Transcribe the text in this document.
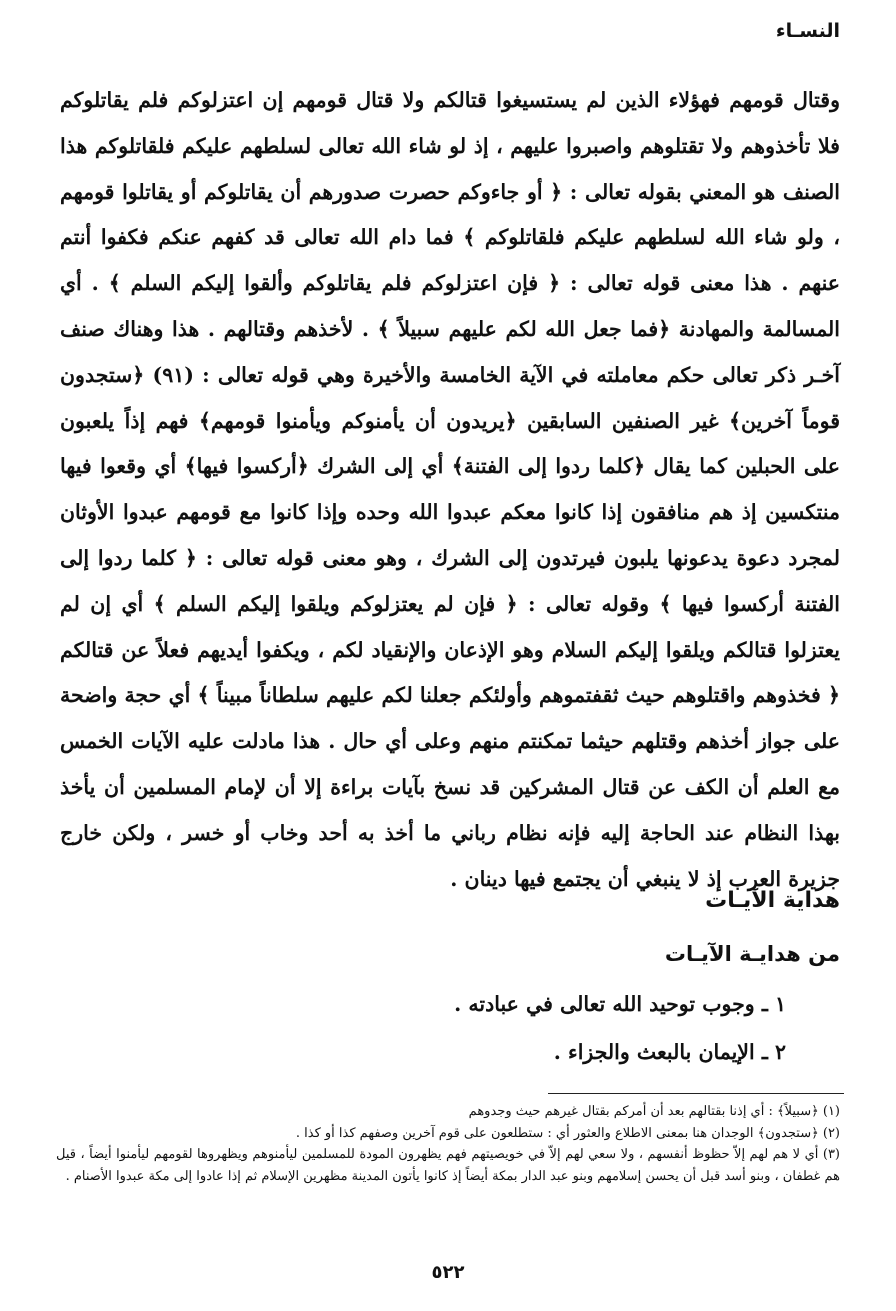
النسـاء

وقتال قومهم فهؤلاء الذين لم يستسيغوا قتالكم ولا قتال قومهم إن اعتزلوكم فلم يقاتلوكم فلا تأخذوهم ولا تقتلوهم واصبروا عليهم ، إذ لو شاء الله تعالى لسلطهم عليكم فلقاتلوكم هذا الصنف هو المعني بقوله تعالى : ﴿ أو جاءوكم حصرت صدورهم أن يقاتلوكم أو يقاتلوا قومهم ، ولو شاء الله لسلطهم عليكم فلقاتلوكم ﴾ فما دام الله تعالى قد كفهم عنكم فكفوا أنتم عنهم . هذا معنى قوله تعالى : ﴿ فإن اعتزلوكم فلم يقاتلوكم وألقوا إليكم السلم ﴾ . أي المسالمة والمهادنة ﴿فما جعل الله لكم عليهم سبيلاً ﴾ . لأخذهم وقتالهم . هذا وهناك صنف آخـر ذكر تعالى حكم معاملته في الآية الخامسة والأخيرة وهي قوله تعالى : (٩١) ﴿ستجدون قوماً آخرين﴾ غير الصنفين السابقين ﴿يريدون أن يأمنوكم ويأمنوا قومهم﴾ فهم إذاً يلعبون على الحبلين كما يقال ﴿كلما ردوا إلى الفتنة﴾ أي إلى الشرك ﴿أركسوا فيها﴾ أي وقعوا فيها منتكسين إذ هم منافقون إذا كانوا معكم عبدوا الله وحده وإذا كانوا مع قومهم عبدوا الأوثان لمجرد دعوة يدعونها يلبون فيرتدون إلى الشرك ، وهو معنى قوله تعالى : ﴿ كلما ردوا إلى الفتنة أركسوا فيها ﴾ وقوله تعالى : ﴿ فإن لم يعتزلوكم ويلقوا إليكم السلم ﴾ أي إن لم يعتزلوا قتالكم ويلقوا إليكم السلام وهو الإذعان والإنقياد لكم ، ويكفوا أيديهم فعلاً عن قتالكم ﴿ فخذوهم واقتلوهم حيث ثقفتموهم وأولئكم جعلنا لكم عليهم سلطاناً مبيناً ﴾ أي حجة واضحة على جواز أخذهم وقتلهم حيثما تمكنتم منهم وعلى أي حال . هذا مادلت عليه الآيات الخمس مع العلم أن الكف عن قتال المشركين قد نسخ بآيات براءة إلا أن لإمام المسلمين أن يأخذ بهذا النظام عند الحاجة إليه فإنه نظام رباني ما أخذ به أحد وخاب أو خسر ، ولكن خارج جزيرة العرب إذ لا ينبغي أن يجتمع فيها دينان .

هداية الآيـات
من هدايـة الآيـات
١ ـ وجوب توحيد الله تعالى في عبادته .
٢ ـ الإيمان بالبعث والجزاء .

(١) ﴿سبيلاً﴾ : أي إذنا بقتالهم بعد أن أمركم بقتال غيرهم حيث وجدوهم

(٢) ﴿ستجدون﴾ الوجدان هنا بمعنى الاطلاع والعثور أي : ستطلعون على قوم آخرين وصفهم كذا أو كذا .

(٣) أي لا هم لهم إلاّ حظوظ أنفسهم ، ولا سعي لهم إلاّ في خويصيتهم فهم يظهرون المودة للمسلمين ليأمنوهم ويظهروها لقومهم ليأمنوا أيضاً ، قيل هم غطفان ، وبنو أسد قبل أن يحسن إسلامهم وبنو عبد الدار بمكة أيضاً إذ كانوا يأتون المدينة مظهرين الإسلام ثم إذا عادوا إلى مكة عبدوا الأصنام .

٥٢٢
